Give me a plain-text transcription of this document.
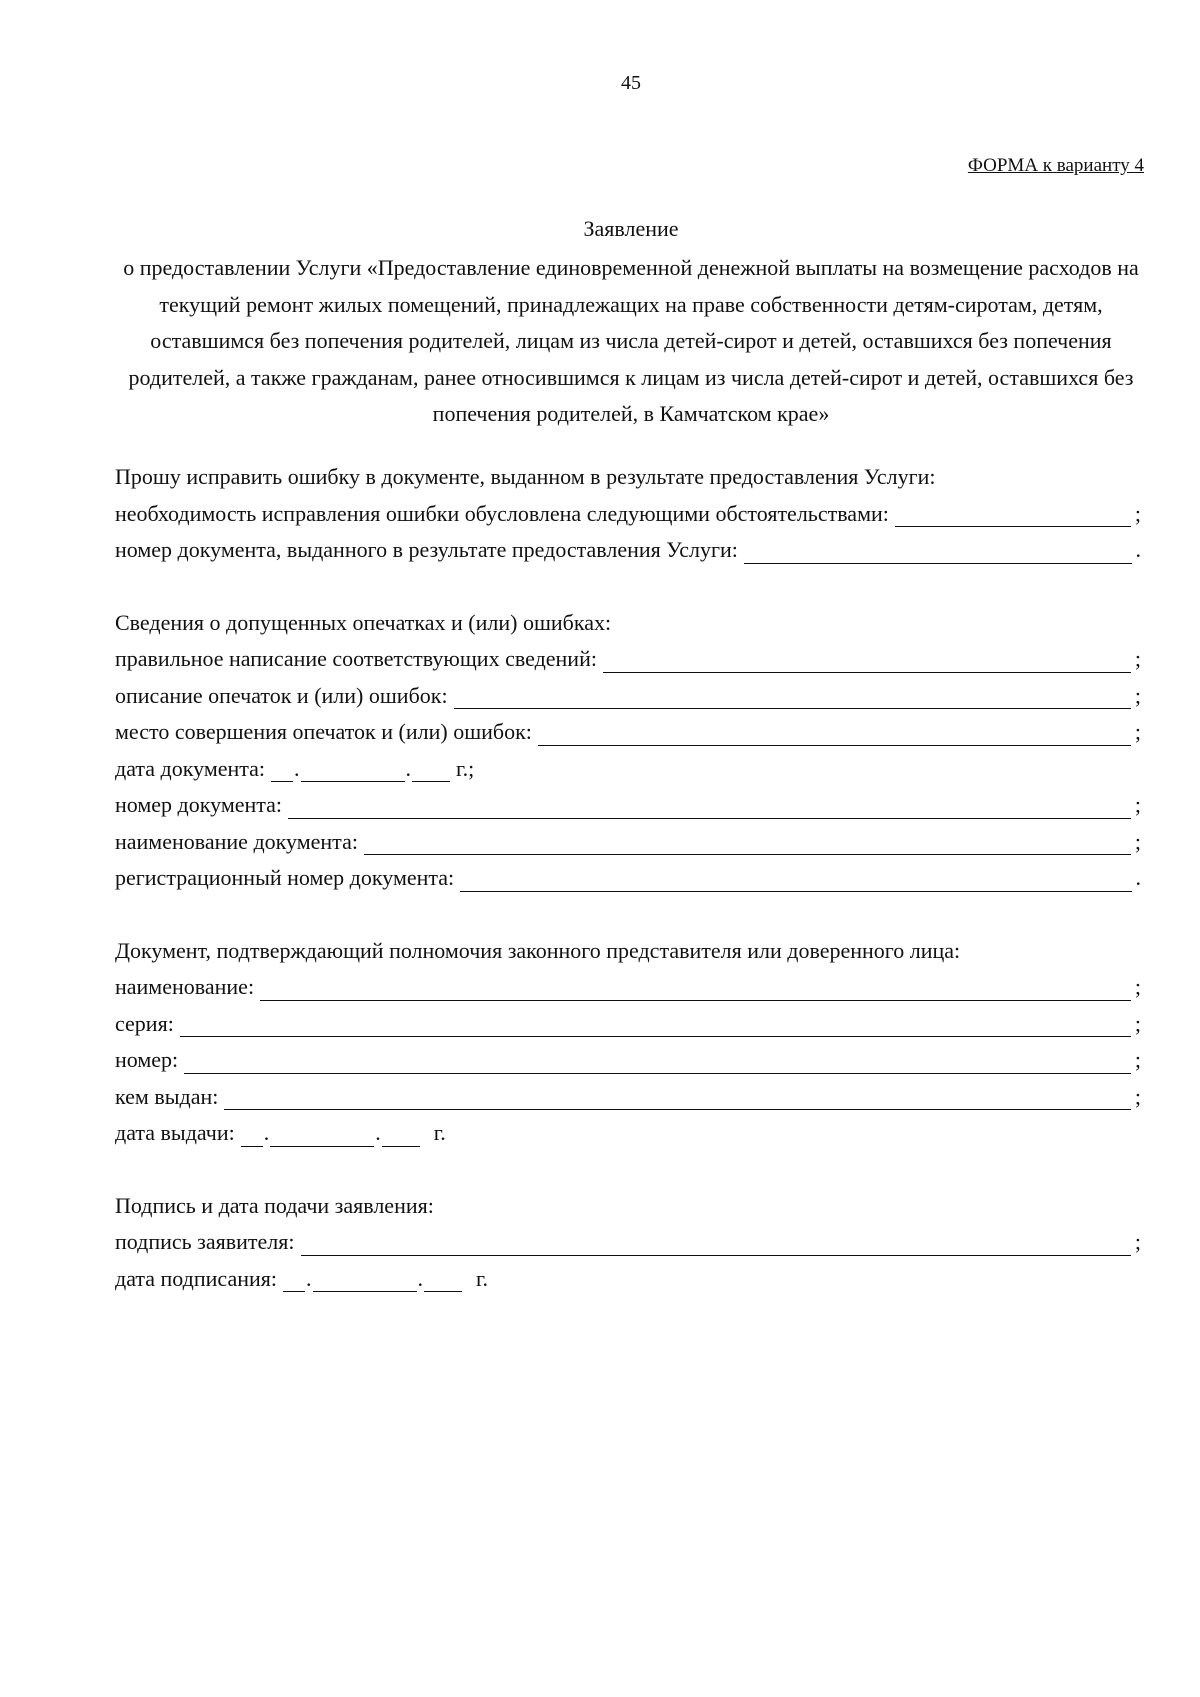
45
ФОРМА к варианту 4
Заявление
о предоставлении Услуги «Предоставление единовременной денежной выплаты на возмещение расходов на текущий ремонт жилых помещений, принадлежащих на праве собственности детям-сиротам, детям, оставшимся без попечения родителей, лицам из числа детей-сирот и детей, оставшихся без попечения родителей, а также гражданам, ранее относившимся к лицам из числа детей-сирот и детей, оставшихся без попечения родителей, в Камчатском крае»
Прошу исправить ошибку в документе, выданном в результате предоставления Услуги:
необходимость исправления ошибки обусловлена следующими обстоятельствами:	;
номер документа, выданного в результате предоставления Услуги:	.
Сведения о допущенных опечатках и (или) ошибках:
правильное написание соответствующих сведений:	;
описание опечаток и (или) ошибок:	;
место совершения опечаток и (или) ошибок:	;
дата документа: .	. г.;
номер документа:	;
наименование документа:	;
регистрационный номер документа:	.
Документ, подтверждающий полномочия законного представителя или доверенного лица:
наименование:	;
серия:	;
номер:	;
кем выдан:	;
дата выдачи: .	. г.
Подпись и дата подачи заявления:
подпись заявителя:	;
дата подписания: .	. г.
